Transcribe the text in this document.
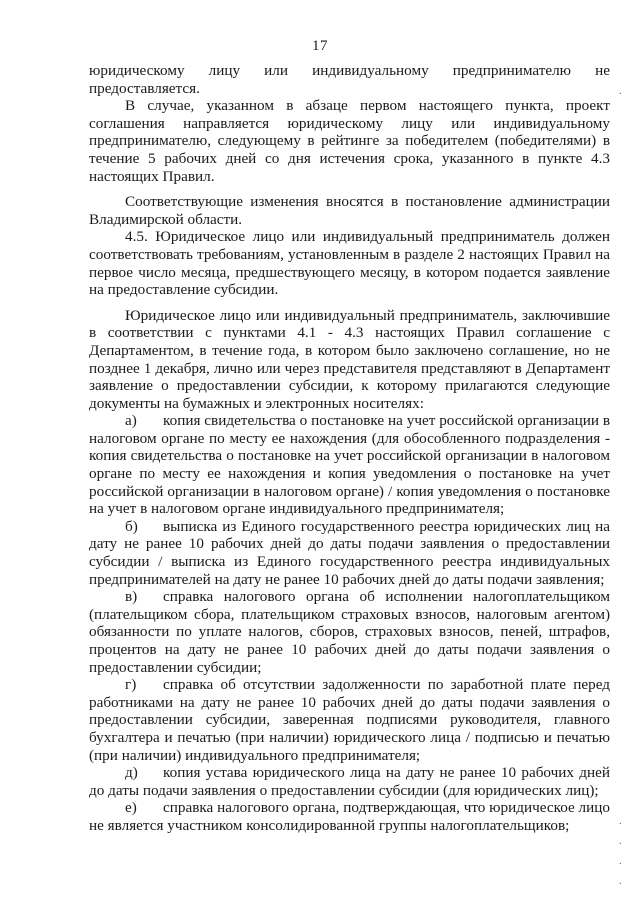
17

юридическому лицу или индивидуальному предпринимателю не предоставляется.

В случае, указанном в абзаце первом настоящего пункта, проект соглашения направляется юридическому лицу или индивидуальному предпринимателю, следующему в рейтинге за победителем (победителями) в течение 5 рабочих дней со дня истечения срока, указанного в пункте 4.3 настоящих Правил.

Соответствующие изменения вносятся в постановление администрации Владимирской области.

4.5. Юридическое лицо или индивидуальный предприниматель должен соответствовать требованиям, установленным в разделе 2 настоящих Правил на первое число месяца, предшествующего месяцу, в котором подается заявление на предоставление субсидии.

Юридическое лицо или индивидуальный предприниматель, заключившие в соответствии с пунктами 4.1 - 4.3 настоящих Правил соглашение с Департаментом, в течение года, в котором было заключено соглашение, но не позднее 1 декабря, лично или через представителя представляют в Департамент заявление о предоставлении субсидии, к которому прилагаются следующие документы на бумажных и электронных носителях:

а) копия свидетельства о постановке на учет российской организации в налоговом органе по месту ее нахождения (для обособленного подразделения - копия свидетельства о постановке на учет российской организации в налоговом органе по месту ее нахождения и копия уведомления о постановке на учет российской организации в налоговом органе) / копия уведомления о постановке на учет в налоговом органе индивидуального предпринимателя;

б) выписка из Единого государственного реестра юридических лиц на дату не ранее 10 рабочих дней до даты подачи заявления о предоставлении субсидии / выписка из Единого государственного реестра индивидуальных предпринимателей на дату не ранее 10 рабочих дней до даты подачи заявления;

в) справка налогового органа об исполнении налогоплательщиком (плательщиком сбора, плательщиком страховых взносов, налоговым агентом) обязанности по уплате налогов, сборов, страховых взносов, пеней, штрафов, процентов на дату не ранее 10 рабочих дней до даты подачи заявления о предоставлении субсидии;

г) справка об отсутствии задолженности по заработной плате перед работниками на дату не ранее 10 рабочих дней до даты подачи заявления о предоставлении субсидии, заверенная подписями руководителя, главного бухгалтера и печатью (при наличии) юридического лица / подписью и печатью (при наличии) индивидуального предпринимателя;

д) копия устава юридического лица на дату не ранее 10 рабочих дней до даты подачи заявления о предоставлении субсидии (для юридических лиц);

е) справка налогового органа, подтверждающая, что юридическое лицо не является участником консолидированной группы налогоплательщиков;

·
·
·
·
·
